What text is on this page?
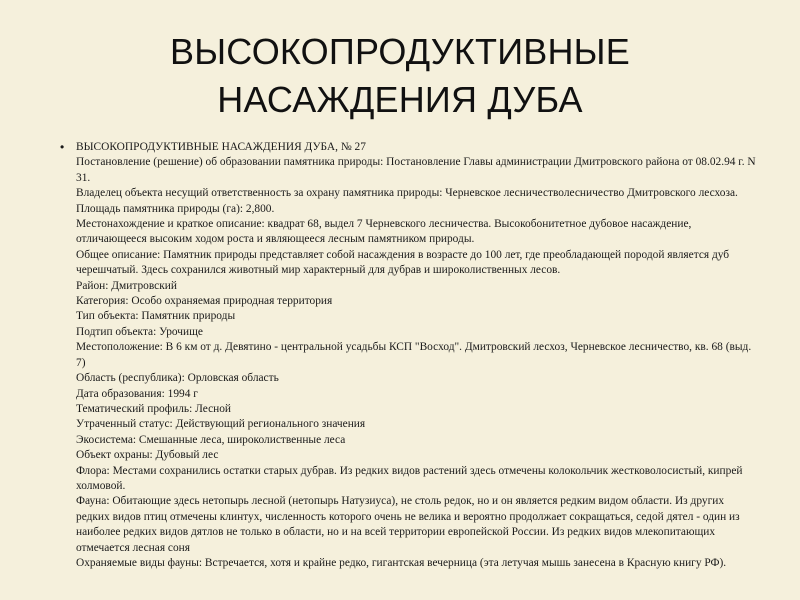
ВЫСОКОПРОДУКТИВНЫЕ
НАСАЖДЕНИЯ ДУБА
• ВЫСОКОПРОДУКТИВНЫЕ НАСАЖДЕНИЯ ДУБА, № 27
Постановление (решение) об образовании памятника природы: Постановление Главы администрации Дмитровского района от 08.02.94 г. N 31.
Владелец объекта несущий ответственность за охрану памятника природы: Черневское лесничестволесничество Дмитровского лесхоза.
Площадь памятника природы (га): 2,800.
Местонахождение и краткое описание: квадрат 68, выдел 7 Черневского лесничества. Высокобонитетное дубовое насаждение, отличающееся высоким ходом роста и являющееся лесным памятником природы.
Общее описание: Памятник природы представляет собой насаждения в возрасте до 100 лет, где преобладающей породой является дуб черешчатый. Здесь сохранился животный мир характерный для дубрав и широколиственных лесов.
Район: Дмитровский
Категория: Особо охраняемая природная территория
Тип объекта: Памятник природы
Подтип объекта: Урочище
Местоположение: В 6 км от д. Девятино - центральной усадьбы КСП "Восход". Дмитровский лесхоз, Черневское лесничество, кв. 68 (выд. 7)
Область (республика): Орловская область
Дата образования: 1994 г
Тематический профиль: Лесной
Утраченный статус: Действующий регионального значения
Экосистема: Смешанные леса, широколиственные леса
Объект охраны: Дубовый лес
Флора: Местами сохранились остатки старых дубрав. Из редких видов растений здесь отмечены колокольчик жестковолосистый, кипрей холмовой.
Фауна: Обитающие здесь нетопырь лесной (нетопырь Натузиуса), не столь редок, но и он является редким видом области. Из других редких видов птиц отмечены клинтух, численность которого очень не велика и вероятно продолжает сокращаться, седой дятел - один из наиболее редких видов дятлов не только в области, но и на всей территории европейской России. Из редких видов млекопитающих отмечается лесная соня
Охраняемые виды фауны: Встречается, хотя и крайне редко, гигантская вечерница (эта летучая мышь занесена в Красную книгу РФ).
